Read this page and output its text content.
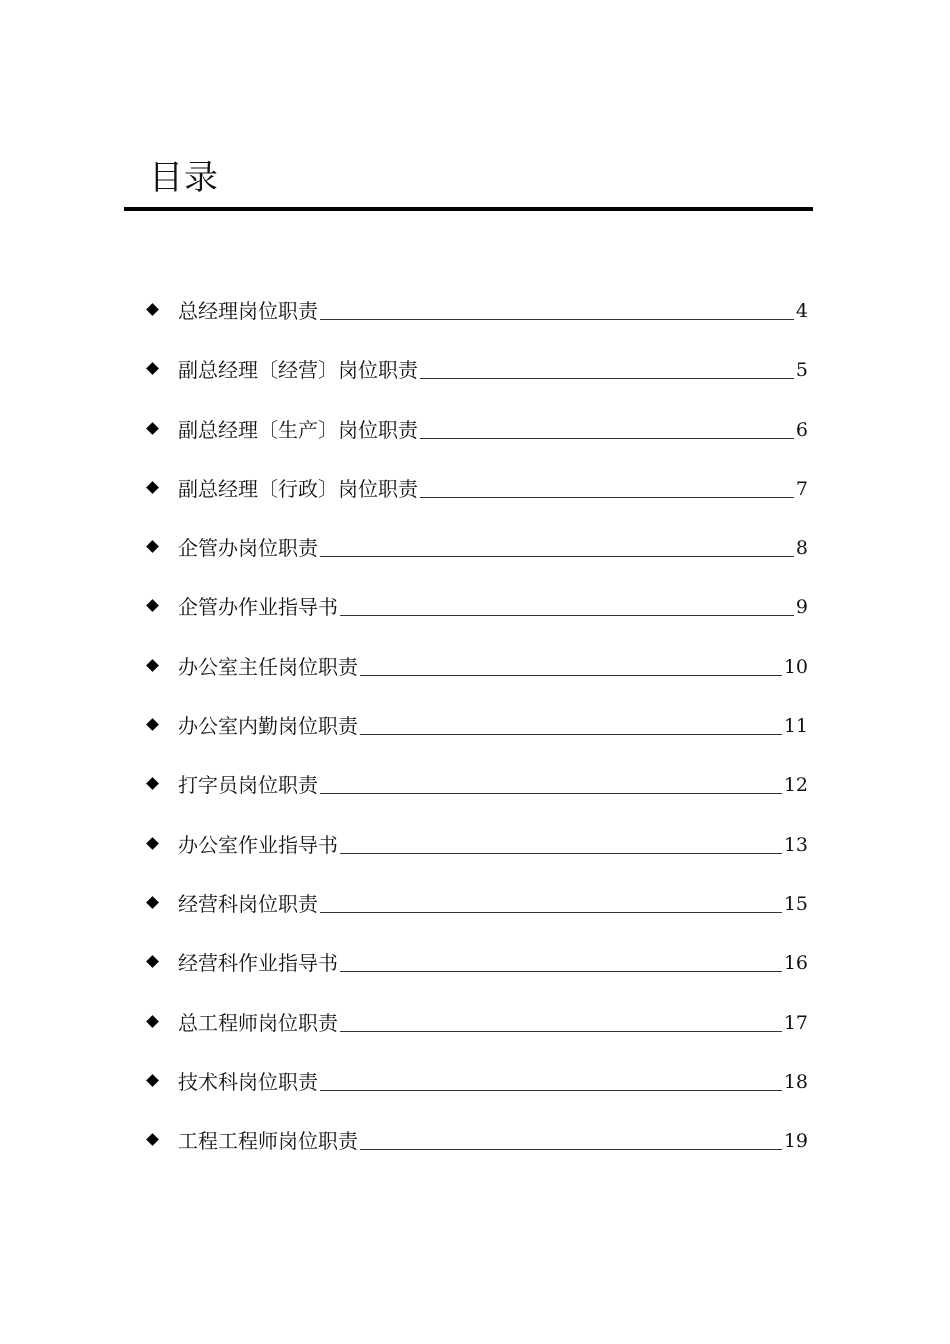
目录
总经理岗位职责	4
副总经理〔经营〕岗位职责	5
副总经理〔生产〕岗位职责	6
副总经理〔行政〕岗位职责	7
企管办岗位职责	8
企管办作业指导书	9
办公室主任岗位职责	10
办公室内勤岗位职责	11
打字员岗位职责	12
办公室作业指导书	13
经营科岗位职责	15
经营科作业指导书	16
总工程师岗位职责	17
技术科岗位职责	18
工程工程师岗位职责	19
